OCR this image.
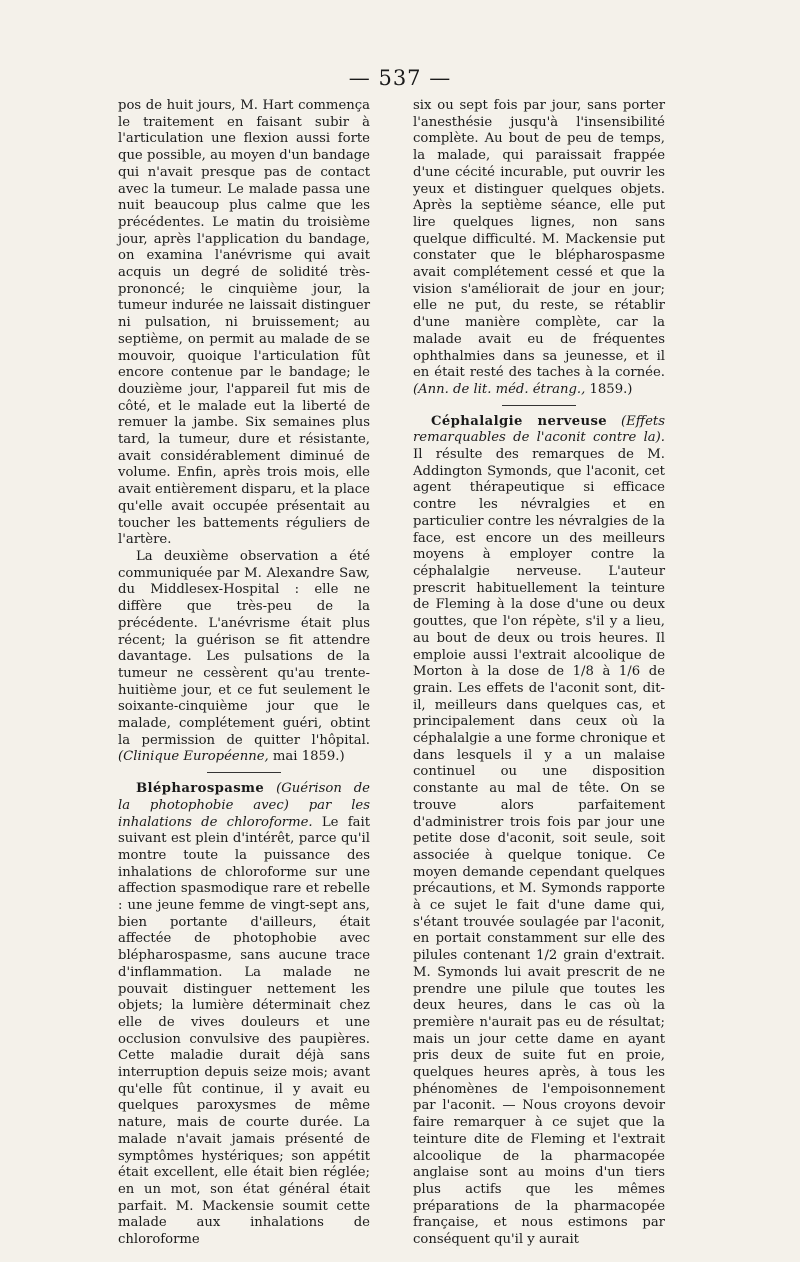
— 537 —

pos de huit jours, M. Hart commença le traitement en faisant subir à l'articulation une flexion aussi forte que possible, au moyen d'un bandage qui n'avait presque pas de contact avec la tumeur. Le malade passa une nuit beaucoup plus calme que les précédentes. Le matin du troisième jour, après l'application du bandage, on examina l'anévrisme qui avait acquis un degré de solidité très-prononcé; le cinquième jour, la tumeur indurée ne laissait distinguer ni pulsation, ni bruissement; au septième, on permit au malade de se mouvoir, quoique l'articulation fût encore contenue par le bandage; le douzième jour, l'appareil fut mis de côté, et le malade eut la liberté de remuer la jambe. Six semaines plus tard, la tumeur, dure et résistante, avait considérablement diminué de volume. Enfin, après trois mois, elle avait entièrement disparu, et la place qu'elle avait occupée présentait au toucher les battements réguliers de l'artère.

La deuxième observation a été communiquée par M. Alexandre Saw, du Middlesex-Hospital : elle ne diffère que très-peu de la précédente. L'anévrisme était plus récent; la guérison se fit attendre davantage. Les pulsations de la tumeur ne cessèrent qu'au trente-huitième jour, et ce fut seulement le soixante-cinquième jour que le malade, complétement guéri, obtint la permission de quitter l'hôpital. (Clinique Européenne, mai 1859.)

Blépharospasme (Guérison de la photophobie avec) par les inhalations de chloroforme. Le fait suivant est plein d'intérêt, parce qu'il montre toute la puissance des inhalations de chloroforme sur une affection spasmodique rare et rebelle : une jeune femme de vingt-sept ans, bien portante d'ailleurs, était affectée de photophobie avec blépharospasme, sans aucune trace d'inflammation. La malade ne pouvait distinguer nettement les objets; la lumière déterminait chez elle de vives douleurs et une occlusion convulsive des paupières. Cette maladie durait déjà sans interruption depuis seize mois; avant qu'elle fût continue, il y avait eu quelques paroxysmes de même nature, mais de courte durée. La malade n'avait jamais présenté de symptômes hystériques; son appétit était excellent, elle était bien réglée; en un mot, son état général était parfait. M. Mackensie soumit cette malade aux inhalations de chloroforme

six ou sept fois par jour, sans porter l'anesthésie jusqu'à l'insensibilité complète. Au bout de peu de temps, la malade, qui paraissait frappée d'une cécité incurable, put ouvrir les yeux et distinguer quelques objets. Après la septième séance, elle put lire quelques lignes, non sans quelque difficulté. M. Mackensie put constater que le blépharospasme avait complétement cessé et que la vision s'améliorait de jour en jour; elle ne put, du reste, se rétablir d'une manière complète, car la malade avait eu de fréquentes ophthalmies dans sa jeunesse, et il en était resté des taches à la cornée. (Ann. de lit. méd. étrang., 1859.)

Céphalalgie nerveuse (Effets remarquables de l'aconit contre la). Il résulte des remarques de M. Addington Symonds, que l'aconit, cet agent thérapeutique si efficace contre les névralgies et en particulier contre les névralgies de la face, est encore un des meilleurs moyens à employer contre la céphalalgie nerveuse. L'auteur prescrit habituellement la teinture de Fleming à la dose d'une ou deux gouttes, que l'on répète, s'il y a lieu, au bout de deux ou trois heures. Il emploie aussi l'extrait alcoolique de Morton à la dose de 1/8 à 1/6 de grain. Les effets de l'aconit sont, dit-il, meilleurs dans quelques cas, et principalement dans ceux où la céphalalgie a une forme chronique et dans lesquels il y a un malaise continuel ou une disposition constante au mal de tête. On se trouve alors parfaitement d'administrer trois fois par jour une petite dose d'aconit, soit seule, soit associée à quelque tonique. Ce moyen demande cependant quelques précautions, et M. Symonds rapporte à ce sujet le fait d'une dame qui, s'étant trouvée soulagée par l'aconit, en portait constamment sur elle des pilules contenant 1/2 grain d'extrait. M. Symonds lui avait prescrit de ne prendre une pilule que toutes les deux heures, dans le cas où la première n'aurait pas eu de résultat; mais un jour cette dame en ayant pris deux de suite fut en proie, quelques heures après, à tous les phénomènes de l'empoisonnement par l'aconit. — Nous croyons devoir faire remarquer à ce sujet que la teinture dite de Fleming et l'extrait alcoolique de la pharmacopée anglaise sont au moins d'un tiers plus actifs que les mêmes préparations de la pharmacopée française, et nous estimons par conséquent qu'il y aurait
